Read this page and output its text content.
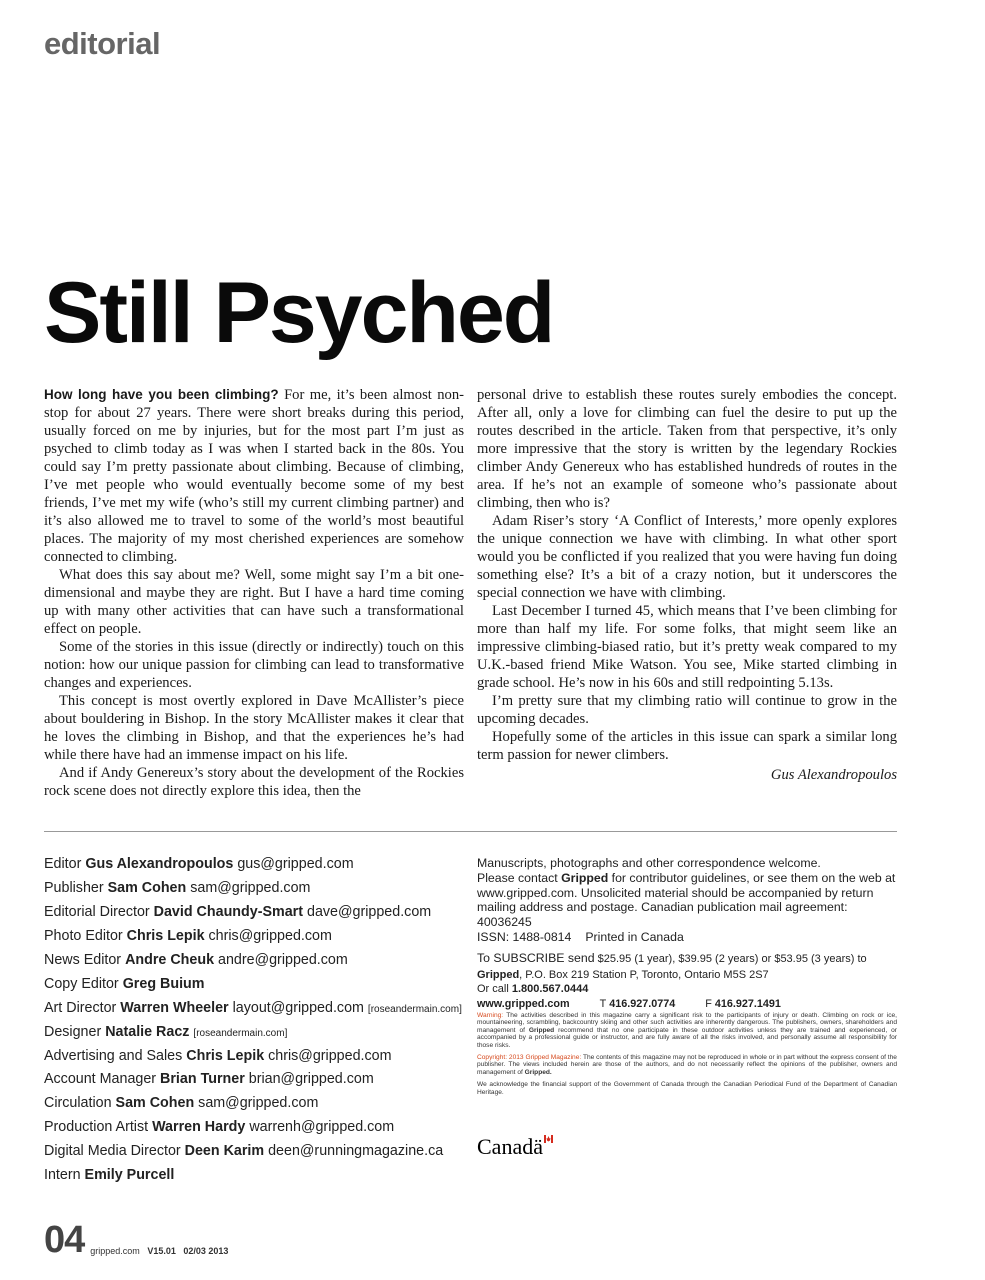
editorial
Still Psyched

How long have you been climbing? For me, it’s been almost non-stop for about 27 years. There were short breaks during this period, usually forced on me by injuries, but for the most part I’m just as psyched to climb today as I was when I started back in the 80s. You could say I’m pretty passionate about climbing. Because of climbing, I’ve met people who would eventually become some of my best friends, I’ve met my wife (who’s still my current climbing partner) and it’s also allowed me to travel to some of the world’s most beautiful places. The majority of my most cherished experiences are somehow connected to climbing.

What does this say about me? Well, some might say I’m a bit one-dimensional and maybe they are right. But I have a hard time coming up with many other activities that can have such a transformational effect on people.

Some of the stories in this issue (directly or indirectly) touch on this notion: how our unique passion for climbing can lead to transformative changes and experiences.

This concept is most overtly explored in Dave McAllister’s piece about bouldering in Bishop. In the story McAllister makes it clear that he loves the climbing in Bishop, and that the experiences he’s had while there have had an immense impact on his life.

And if Andy Genereux’s story about the development of the Rockies rock scene does not directly explore this idea, then the

personal drive to establish these routes surely embodies the concept. After all, only a love for climbing can fuel the desire to put up the routes described in the article. Taken from that perspective, it’s only more impressive that the story is written by the legendary Rockies climber Andy Genereux who has established hundreds of routes in the area. If he’s not an example of someone who’s passionate about climbing, then who is?

Adam Riser’s story ‘A Conflict of Interests,’ more openly explores the unique connection we have with climbing. In what other sport would you be conflicted if you realized that you were having fun doing something else? It’s a bit of a crazy notion, but it underscores the special connection we have with climbing.

Last December I turned 45, which means that I’ve been climbing for more than half my life. For some folks, that might seem like an impressive climbing-biased ratio, but it’s pretty weak compared to my U.K.-based friend Mike Watson. You see, Mike started climbing in grade school. He’s now in his 60s and still redpointing 5.13s.

I’m pretty sure that my climbing ratio will continue to grow in the upcoming decades.

Hopefully some of the articles in this issue can spark a similar long term passion for newer climbers.

Gus Alexandropoulos
Editor Gus Alexandropoulos gus@gripped.com
Publisher Sam Cohen sam@gripped.com
Editorial Director David Chaundy-Smart dave@gripped.com
Photo Editor Chris Lepik chris@gripped.com
News Editor Andre Cheuk andre@gripped.com
Copy Editor Greg Buium
Art Director Warren Wheeler layout@gripped.com [roseandermain.com]
Designer Natalie Racz [roseandermain.com]
Advertising and Sales Chris Lepik chris@gripped.com
Account Manager Brian Turner brian@gripped.com
Circulation Sam Cohen sam@gripped.com
Production Artist Warren Hardy warrenh@gripped.com
Digital Media Director Deen Karim deen@runningmagazine.ca
Intern Emily Purcell

Manuscripts, photographs and other correspondence welcome.

Please contact Gripped for contributor guidelines, or see them on the web at www.gripped.com. Unsolicited material should be accompanied by return mailing address and postage. Canadian publication mail agreement: 40036245

ISSN: 1488-0814 Printed in Canada

To SUBSCRIBE send $25.95 (1 year), $39.95 (2 years) or $53.95 (3 years) to Gripped, P.O. Box 219 Station P, Toronto, Ontario M5S 2S7

Or call 1.800.567.0444

www.gripped.com	T 416.927.0774	F 416.927.1491

Warning: The activities described in this magazine carry a significant risk to the participants of injury or death. Climbing on rock or ice, mountaineering, scrambling, backcountry skiing and other such activities are inherently dangerous. The publishers, owners, shareholders and management of Gripped recommend that no one participate in these outdoor activities unless they are trained and experienced, or accompanied by a professional guide or instructor, and are fully aware of all the risks involved, and personally assume all responsibility for those risks.

Copyright: 2013 Gripped Magazine: The contents of this magazine may not be reproduced in whole or in part without the express consent of the publisher. The views included herein are those of the authors, and do not necessarily reflect the opinions of the publisher, owners and management of Gripped.

We acknowledge the financial support of the Government of Canada through the Canadian Periodical Fund of the Department of Canadian Heritage.

Canadä
04 gripped.com V15.01 02/03 2013
